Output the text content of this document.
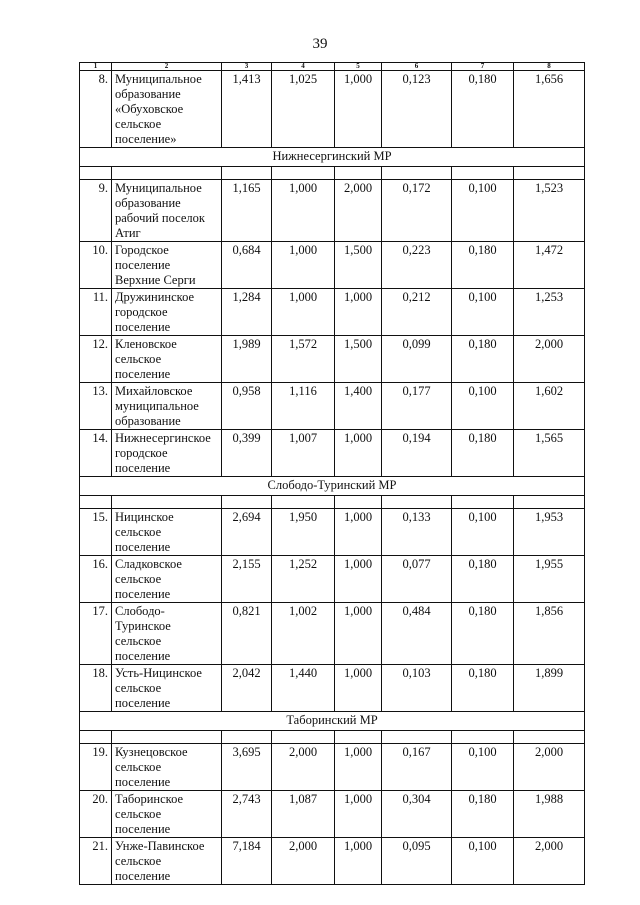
39
1	2	3	4	5	6	7	8
8.	Муниципальное
образование
«Обуховское
сельское
поселение»	1,413	1,025	1,000	0,123	0,180	1,656
Нижнесергинский МР							

9.	Муниципальное
образование
рабочий поселок
Атиг	1,165	1,000	2,000	0,172	0,100	1,523
10.	Городское
поселение
Верхние Серги	0,684	1,000	1,500	0,223	0,180	1,472
11.	Дружининское
городское
поселение	1,284	1,000	1,000	0,212	0,100	1,253
12.	Кленовское
сельское
поселение	1,989	1,572	1,500	0,099	0,180	2,000
13.	Михайловское
муниципальное
образование	0,958	1,116	1,400	0,177	0,100	1,602
14.	Нижнесергинское
городское
поселение	0,399	1,007	1,000	0,194	0,180	1,565
Слободо-Туринский МР							

15.	Ницинское
сельское
поселение	2,694	1,950	1,000	0,133	0,100	1,953
16.	Сладковское
сельское
поселение	2,155	1,252	1,000	0,077	0,180	1,955
17.	Слободо-
Туринское
сельское
поселение	0,821	1,002	1,000	0,484	0,180	1,856
18.	Усть-Ницинское
сельское
поселение	2,042	1,440	1,000	0,103	0,180	1,899
Таборинский МР							

19.	Кузнецовское
сельское
поселение	3,695	2,000	1,000	0,167	0,100	2,000
20.	Таборинское
сельское
поселение	2,743	1,087	1,000	0,304	0,180	1,988
21.	Унже-Павинское
сельское
поселение	7,184	2,000	1,000	0,095	0,100	2,000
